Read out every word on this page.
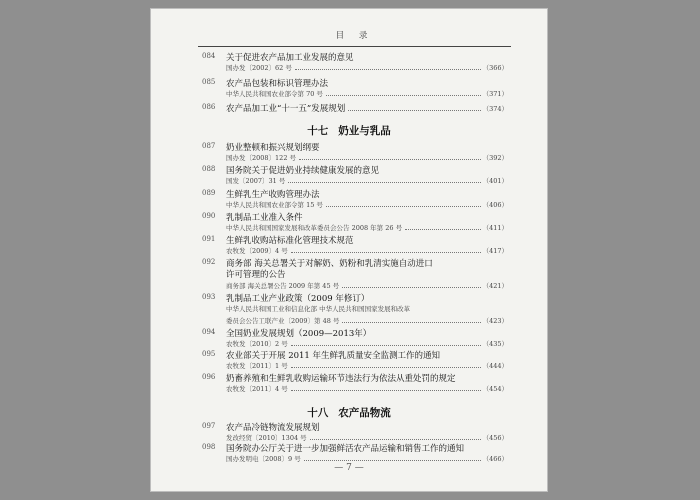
目 录
084 关于促进农产品加工业发展的意见
国办发〔2002〕62 号	（366）
085 农产品包装和标识管理办法
中华人民共和国农业部令第 70 号	（371）
086 农产品加工业“十一五”发展规划	（374）
十七 奶业与乳品
087 奶业整顿和振兴规划纲要
国办发〔2008〕122 号	（392）
088 国务院关于促进奶业持续健康发展的意见
国发〔2007〕31 号	（401）
089 生鲜乳生产收购管理办法
中华人民共和国农业部令第 15 号	（406）
090 乳制品工业准入条件
中华人民共和国国家发展和改革委员会公告 2008 年第 26 号	（411）
091 生鲜乳收购站标准化管理技术规范
农牧发〔2009〕4 号	（417）
092 商务部 海关总署关于对解奶、奶粉和乳清实施自动进口
许可管理的公告
商务部 海关总署公告 2009 年第 45 号	（421）
093 乳制品工业产业政策（2009 年修订）
中华人民共和国工业和信息化部 中华人民共和国国家发展和改革
委员会公告工联产业〔2009〕第 48 号	（423）
094 全国奶业发展规划（2009—2013年）
农牧发〔2010〕2 号	（435）
095 农业部关于开展 2011 年生鲜乳质量安全监测工作的通知
农牧发〔2011〕1 号	（444）
096 奶畜养殖和生鲜乳收购运输环节违法行为依法从重处罚的规定
农牧发〔2011〕4 号	（454）
十八 农产品物流
097 农产品冷链物流发展规划
发改经贸〔2010〕1304 号	（456）
098 国务院办公厅关于进一步加强鲜活农产品运输和销售工作的通知
国办发明电〔2008〕9 号	（466）
— 7 —
